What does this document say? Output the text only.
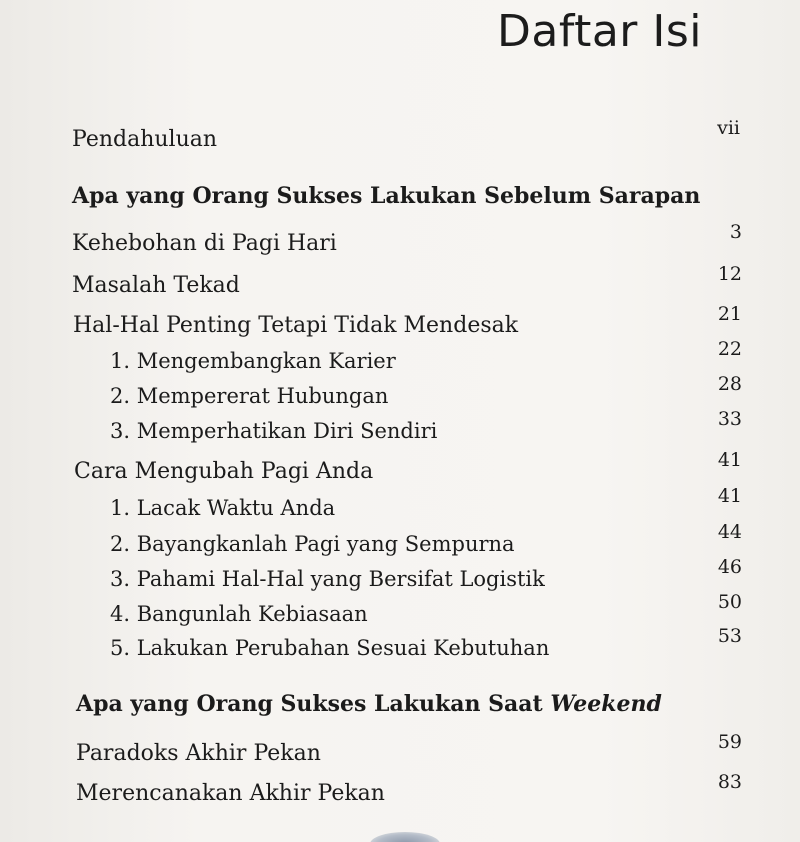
Daftar Isi
Pendahuluan	vii
Apa yang Orang Sukses Lakukan Sebelum Sarapan
Kehebohan di Pagi Hari	3
Masalah Tekad	12
Hal-Hal Penting Tetapi Tidak Mendesak	21
1. Mengembangkan Karier	22
2. Mempererat Hubungan	28
3. Memperhatikan Diri Sendiri	33
Cara Mengubah Pagi Anda	41
1. Lacak Waktu Anda	41
2. Bayangkanlah Pagi yang Sempurna	44
3. Pahami Hal-Hal yang Bersifat Logistik	46
4. Bangunlah Kebiasaan	50
5. Lakukan Perubahan Sesuai Kebutuhan	53
Apa yang Orang Sukses Lakukan Saat Weekend
Paradoks Akhir Pekan	59
Merencanakan Akhir Pekan	83
